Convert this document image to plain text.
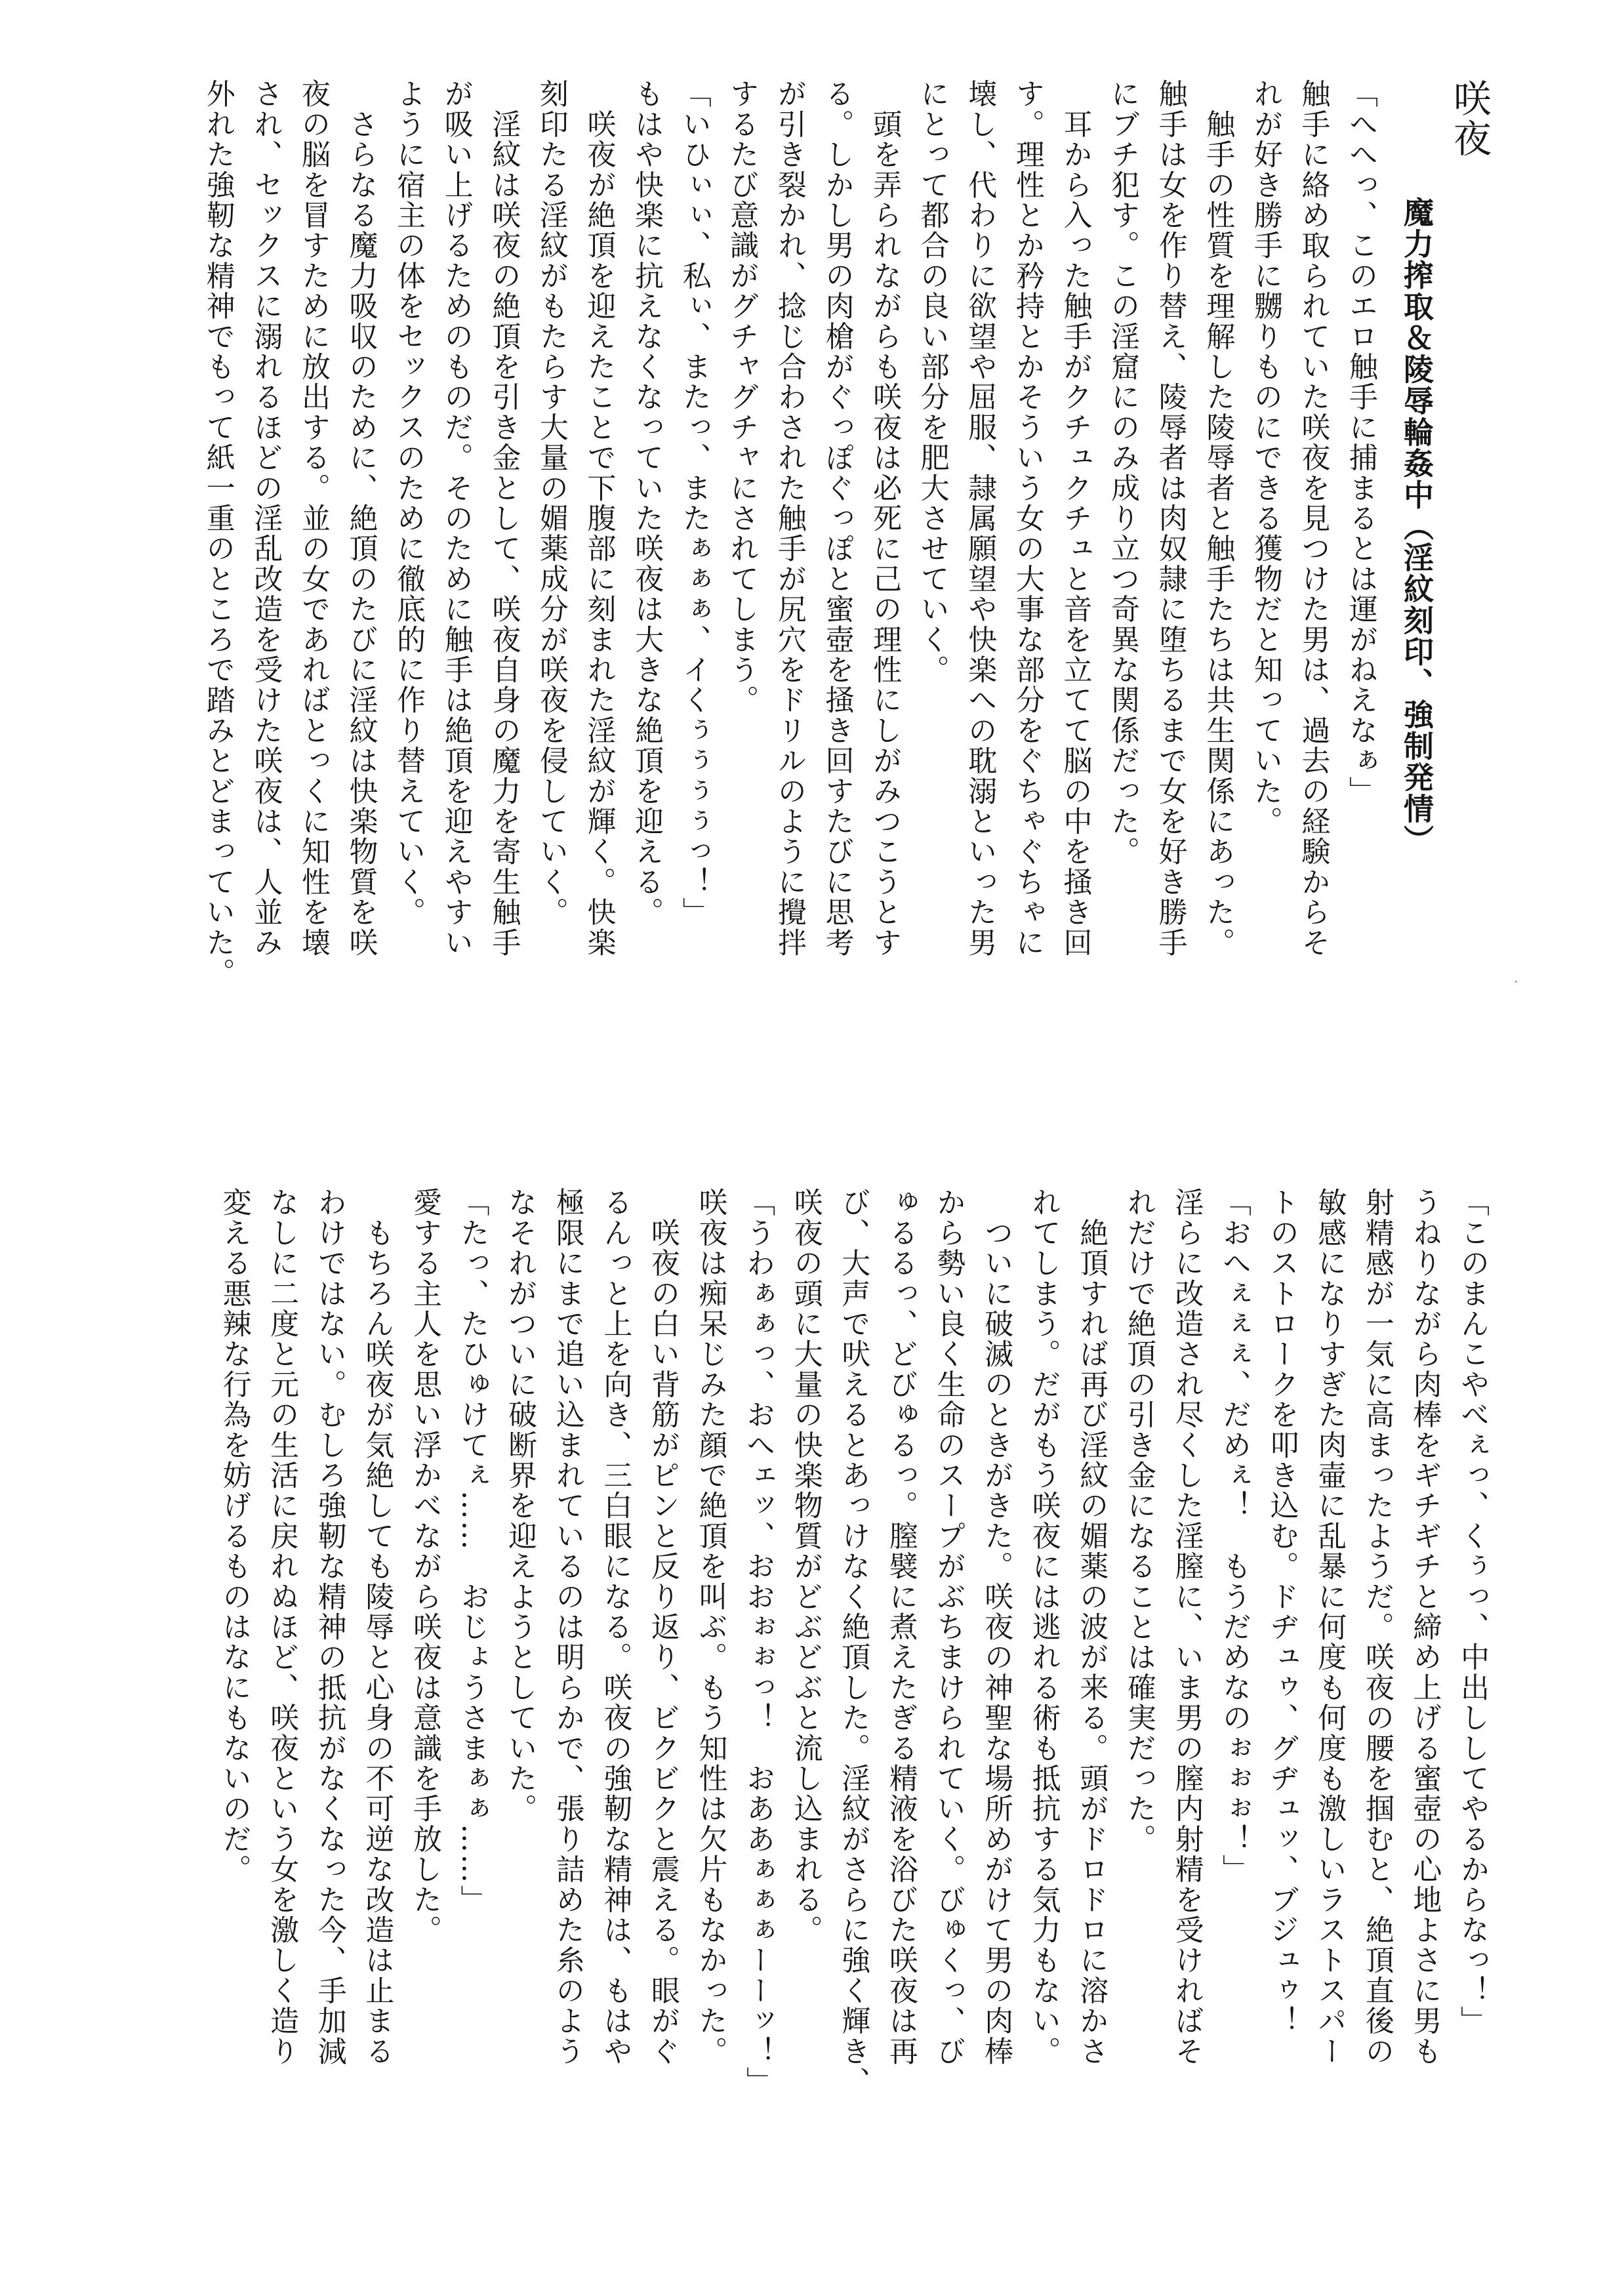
咲夜
魔力搾取＆陵辱輪姦中（淫紋刻印、強制発情）
「へへっ、このエロ触手に捕まるとは運がねえなぁ」
触手に絡め取られていた咲夜を見つけた男は、過去の経験からそ
れが好き勝手に嬲りものにできる獲物だと知っていた。
　触手の性質を理解した陵辱者と触手たちは共生関係にあった。
触手は女を作り替え、陵辱者は肉奴隷に堕ちるまで女を好き勝手
にブチ犯す。この淫窟にのみ成り立つ奇異な関係だった。
　耳から入った触手がクチュクチュと音を立てて脳の中を掻き回
す。理性とか矜持とかそういう女の大事な部分をぐちゃぐちゃに
壊し、代わりに欲望や屈服、隷属願望や快楽への耽溺といった男
にとって都合の良い部分を肥大させていく。
　頭を弄られながらも咲夜は必死に己の理性にしがみつこうとす
る。しかし男の肉槍がぐっぽぐっぽと蜜壺を掻き回すたびに思考
が引き裂かれ、捻じ合わされた触手が尻穴をドリルのように攪拌
するたび意識がグチャグチャにされてしまう。
「いひぃぃ、私ぃ、またっ、またぁぁぁ、イくぅぅぅぅっ！」
もはや快楽に抗えなくなっていた咲夜は大きな絶頂を迎える。
　咲夜が絶頂を迎えたことで下腹部に刻まれた淫紋が輝く。快楽
刻印たる淫紋がもたらす大量の媚薬成分が咲夜を侵していく。
　淫紋は咲夜の絶頂を引き金として、咲夜自身の魔力を寄生触手
が吸い上げるためのものだ。そのために触手は絶頂を迎えやすい
ように宿主の体をセックスのために徹底的に作り替えていく。
　さらなる魔力吸収のために、絶頂のたびに淫紋は快楽物質を咲
夜の脳を冒すために放出する。並の女であればとっくに知性を壊
され、セックスに溺れるほどの淫乱改造を受けた咲夜は、人並み
外れた強靭な精神でもって紙一重のところで踏みとどまっていた。
「このまんこやべぇっ、くぅっ、中出ししてやるからなっ！」
うねりながら肉棒をギチギチと締め上げる蜜壺の心地よさに男も
射精感が一気に高まったようだ。咲夜の腰を掴むと、絶頂直後の
敏感になりすぎた肉壷に乱暴に何度も何度も激しいラストスパー
トのストロークを叩き込む。ドヂュゥ、グヂュッ、ブジュゥ！
「おへぇぇぇ、だめぇ！　もうだめなのぉぉぉ！」
淫らに改造され尽くした淫膣に、いま男の膣内射精を受ければそ
れだけで絶頂の引き金になることは確実だった。
　絶頂すれば再び淫紋の媚薬の波が来る。頭がドロドロに溶かさ
れてしまう。だがもう咲夜には逃れる術も抵抗する気力もない。
　ついに破滅のときがきた。咲夜の神聖な場所めがけて男の肉棒
から勢い良く生命のスープがぶちまけられていく。びゅくっ、び
ゅるるっ、どびゅるっ。膣襞に煮えたぎる精液を浴びた咲夜は再
び、大声で吠えるとあっけなく絶頂した。淫紋がさらに強く輝き、
咲夜の頭に大量の快楽物質がどぶどぶと流し込まれる。
「うわぁぁっ、おへェッ、おおぉぉっ！　おああぁぁぁーーッ！」
咲夜は痴呆じみた顔で絶頂を叫ぶ。もう知性は欠片もなかった。
　咲夜の白い背筋がピンと反り返り、ビクビクと震える。眼がぐ
るんっと上を向き、三白眼になる。咲夜の強靭な精神は、もはや
極限にまで追い込まれているのは明らかで、張り詰めた糸のよう
なそれがついに破断界を迎えようとしていた。
「たっ、たひゅけてぇ……　おじょうさまぁぁ……」
愛する主人を思い浮かべながら咲夜は意識を手放した。
　もちろん咲夜が気絶しても陵辱と心身の不可逆な改造は止まる
わけではない。むしろ強靭な精神の抵抗がなくなった今、手加減
なしに二度と元の生活に戻れぬほど、咲夜という女を激しく造り
変える悪辣な行為を妨げるものはなにもないのだ。
